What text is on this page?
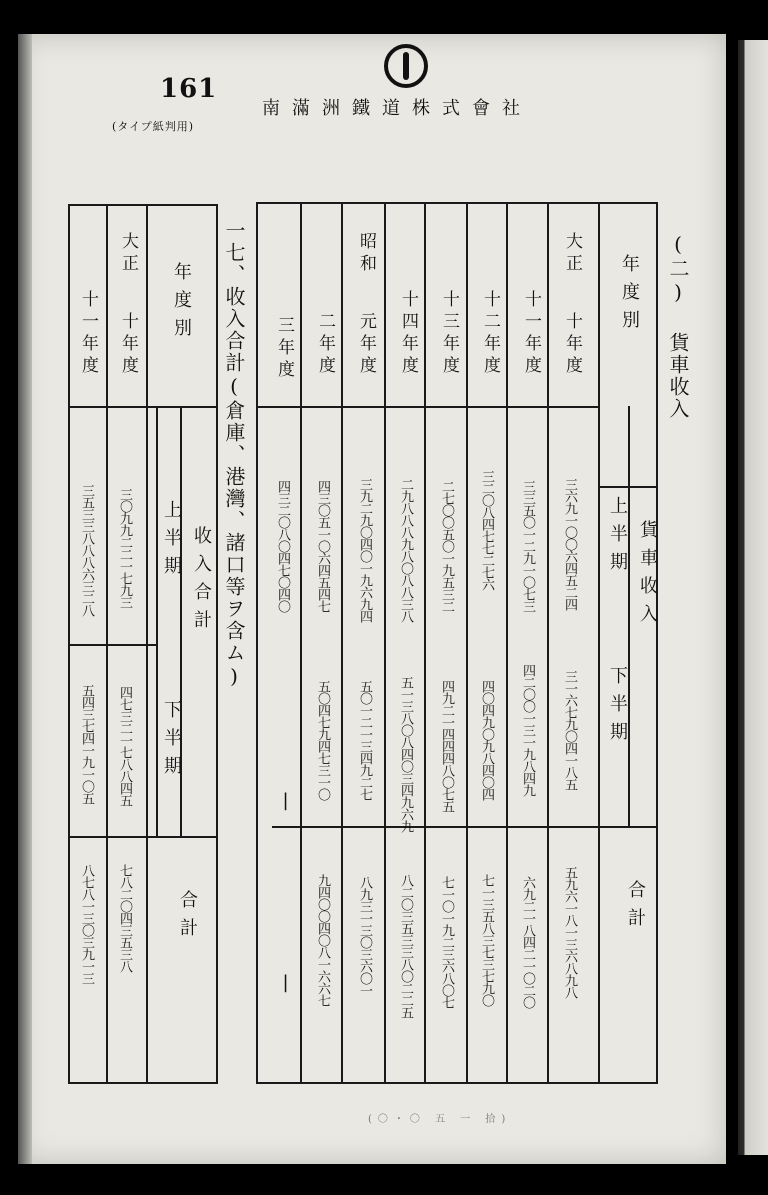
161
(タイプ紙判用)
南滿洲鐵道株式會社
(二) 貨車收入
年度別
貨車收入
上半期
下半期
合計
大正
十年度
三六九一〇〇六四五二四
三一六七九〇四一八五
五九六一八一三六八九八
十一年度
三三五〇一二九一〇七三
四二〇〇一三一九八四九
六九二一八四二一〇二〇
十二年度
三二〇八四七七二七六
四〇四九〇九八四〇四
七一三五八三七三七九〇
十三年度
二七〇〇五〇一九五三二
四九二一四四四八〇七五
七一〇一九二三六八〇七
十四年度
二九八八八九八〇八八三八
五一三八〇八四〇三四九六九
八二〇三五三三八〇二二五
昭和
元年度
三九二九〇四〇一九六九四
五〇一二一三四九二七
八九三一三〇三六〇一
二年度
四三〇五一〇六四五四七
五〇四七九四七三一〇
九四〇〇四〇八一六六七
三年度
四三二〇八〇四七〇四〇
|
|
一七、收入合計(倉庫、港灣、諸口等ヲ含ム)
年度別
收入合計
上半期
下半期
合計
大正
十年度
三〇九九二二一七九三
四七三二一七八八四五
七八二〇四三五三八
十一年度
三五三三八八八六三二八
五四三七四一九一〇五
八七八一三〇三九一三
(〇・〇 五 一 拾)
